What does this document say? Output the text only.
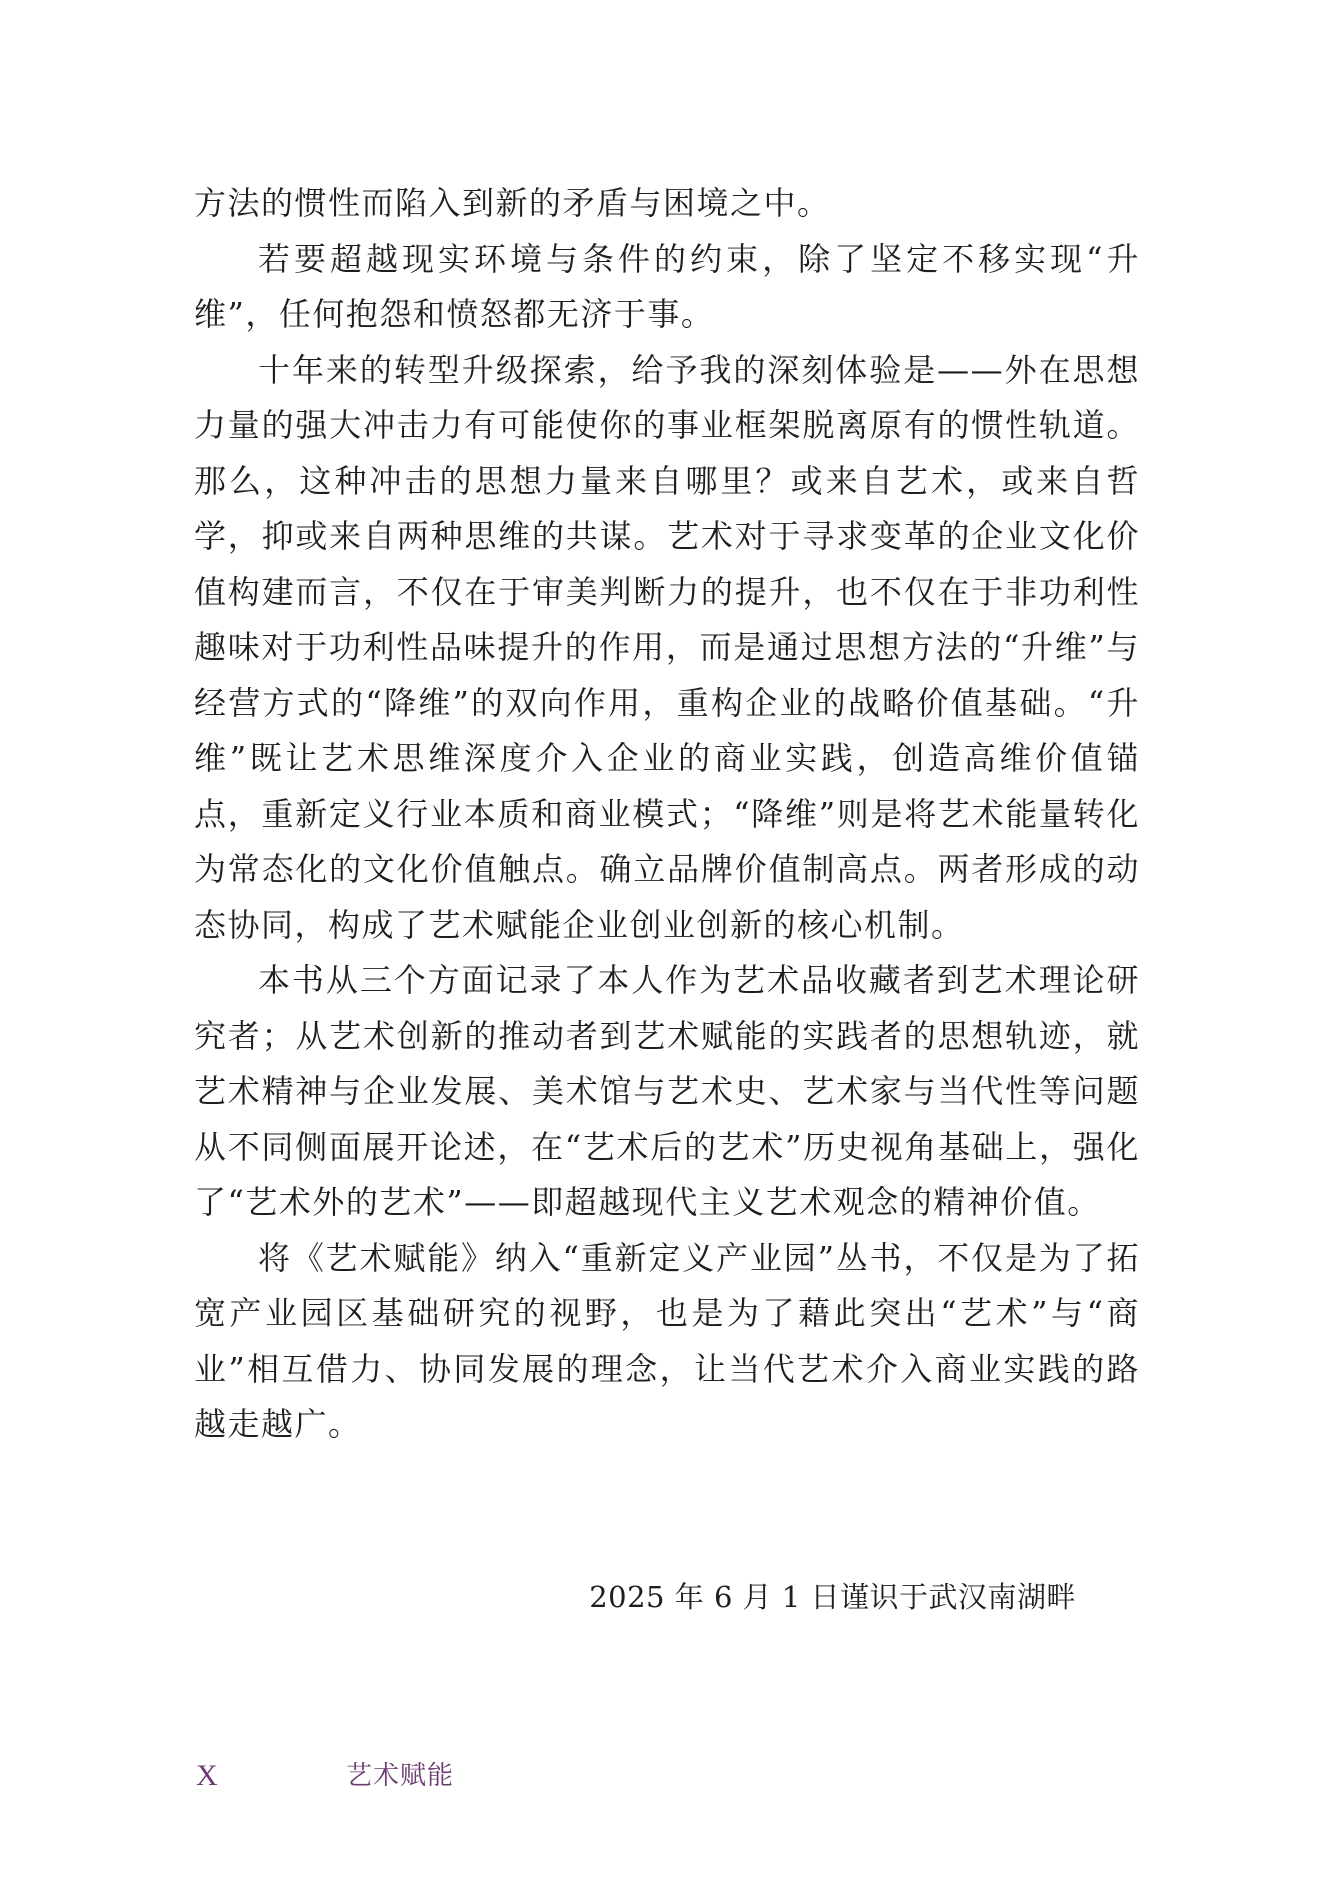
方法的惯性而陷入到新的矛盾与困境之中。

若要超越现实环境与条件的约束，除了坚定不移实现“升维”，任何抱怨和愤怒都无济于事。

十年来的转型升级探索，给予我的深刻体验是——外在思想力量的强大冲击力有可能使你的事业框架脱离原有的惯性轨道。那么，这种冲击的思想力量来自哪里？或来自艺术，或来自哲学，抑或来自两种思维的共谋。艺术对于寻求变革的企业文化价值构建而言，不仅在于审美判断力的提升，也不仅在于非功利性趣味对于功利性品味提升的作用，而是通过思想方法的“升维”与经营方式的“降维”的双向作用，重构企业的战略价值基础。“升维”既让艺术思维深度介入企业的商业实践，创造高维价值锚点，重新定义行业本质和商业模式；“降维”则是将艺术能量转化为常态化的文化价值触点。确立品牌价值制高点。两者形成的动态协同，构成了艺术赋能企业创业创新的核心机制。

本书从三个方面记录了本人作为艺术品收藏者到艺术理论研究者；从艺术创新的推动者到艺术赋能的实践者的思想轨迹，就艺术精神与企业发展、美术馆与艺术史、艺术家与当代性等问题从不同侧面展开论述，在“艺术后的艺术”历史视角基础上，强化了“艺术外的艺术”——即超越现代主义艺术观念的精神价值。

将《艺术赋能》纳入“重新定义产业园”丛书，不仅是为了拓宽产业园区基础研究的视野，也是为了藉此突出“艺术”与“商业”相互借力、协同发展的理念，让当代艺术介入商业实践的路越走越广。

2025 年 6 月 1 日谨识于武汉南湖畔
X	艺术赋能
